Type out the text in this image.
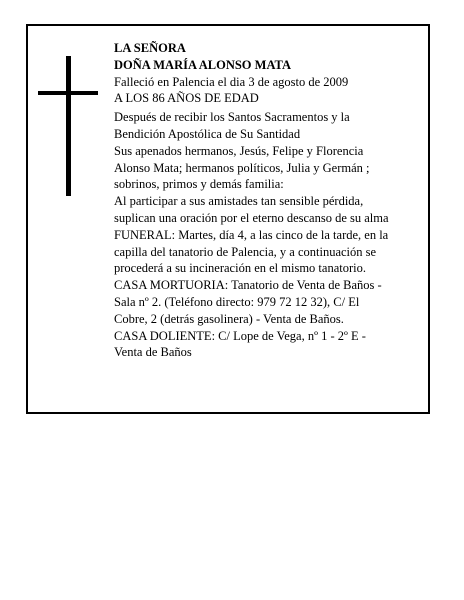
LA SEÑORA
DOÑA MARÍA ALONSO MATA
Falleció en Palencia el dia 3 de agosto de 2009
A LOS 86 AÑOS DE EDAD
Después de recibir los Santos Sacramentos y la
Bendición Apostólica de Su Santidad
Sus apenados hermanos, Jesús, Felipe y Florencia
Alonso Mata; hermanos políticos, Julia y Germán ;
sobrinos, primos y demás familia:
Al participar a sus amistades tan sensible pérdida,
suplican una oración por el eterno descanso de su alma
FUNERAL: Martes, día 4, a las cinco de la tarde, en la
capilla del tanatorio de Palencia, y a continuación se
procederá a su incineración en el mismo tanatorio.
CASA MORTUORIA: Tanatorio de Venta de Baños -
Sala nº 2. (Teléfono directo: 979 72 12 32), C/ El
Cobre, 2 (detrás gasolinera) - Venta de Baños.
CASA DOLIENTE: C/ Lope de Vega, nº 1 - 2º E -
Venta de Baños
